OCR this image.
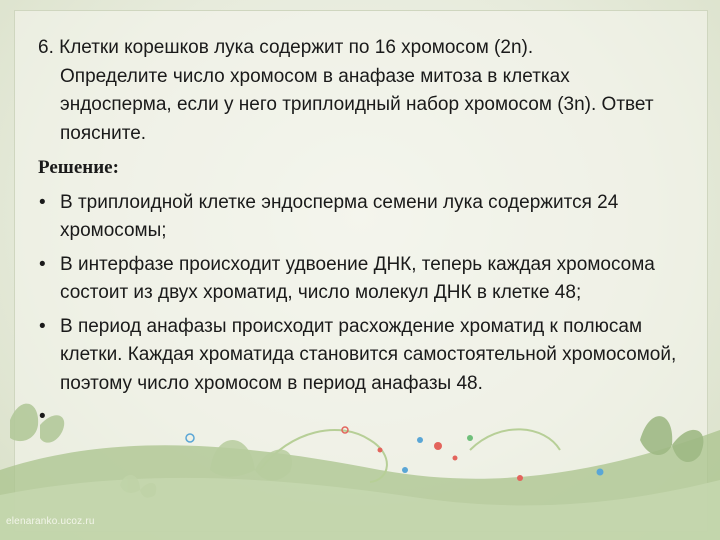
6. Клетки корешков лука содержит по 16 хромосом (2n).
Определите число хромосом в анафазе митоза в клетках эндосперма, если у него триплоидный набор хромосом (3n). Ответ поясните.
Решение:
• В триплоидной клетке эндосперма семени лука содержится 24 хромосомы;
• В интерфазе происходит удвоение ДНК, теперь каждая хромосома состоит из двух хроматид, число молекул ДНК в клетке 48;
• В период анафазы происходит расхождение хроматид к полюсам клетки. Каждая хроматида становится самостоятельной хромосомой, поэтому число хромосом в период анафазы 48.
•
elenaranko.ucoz.ru
